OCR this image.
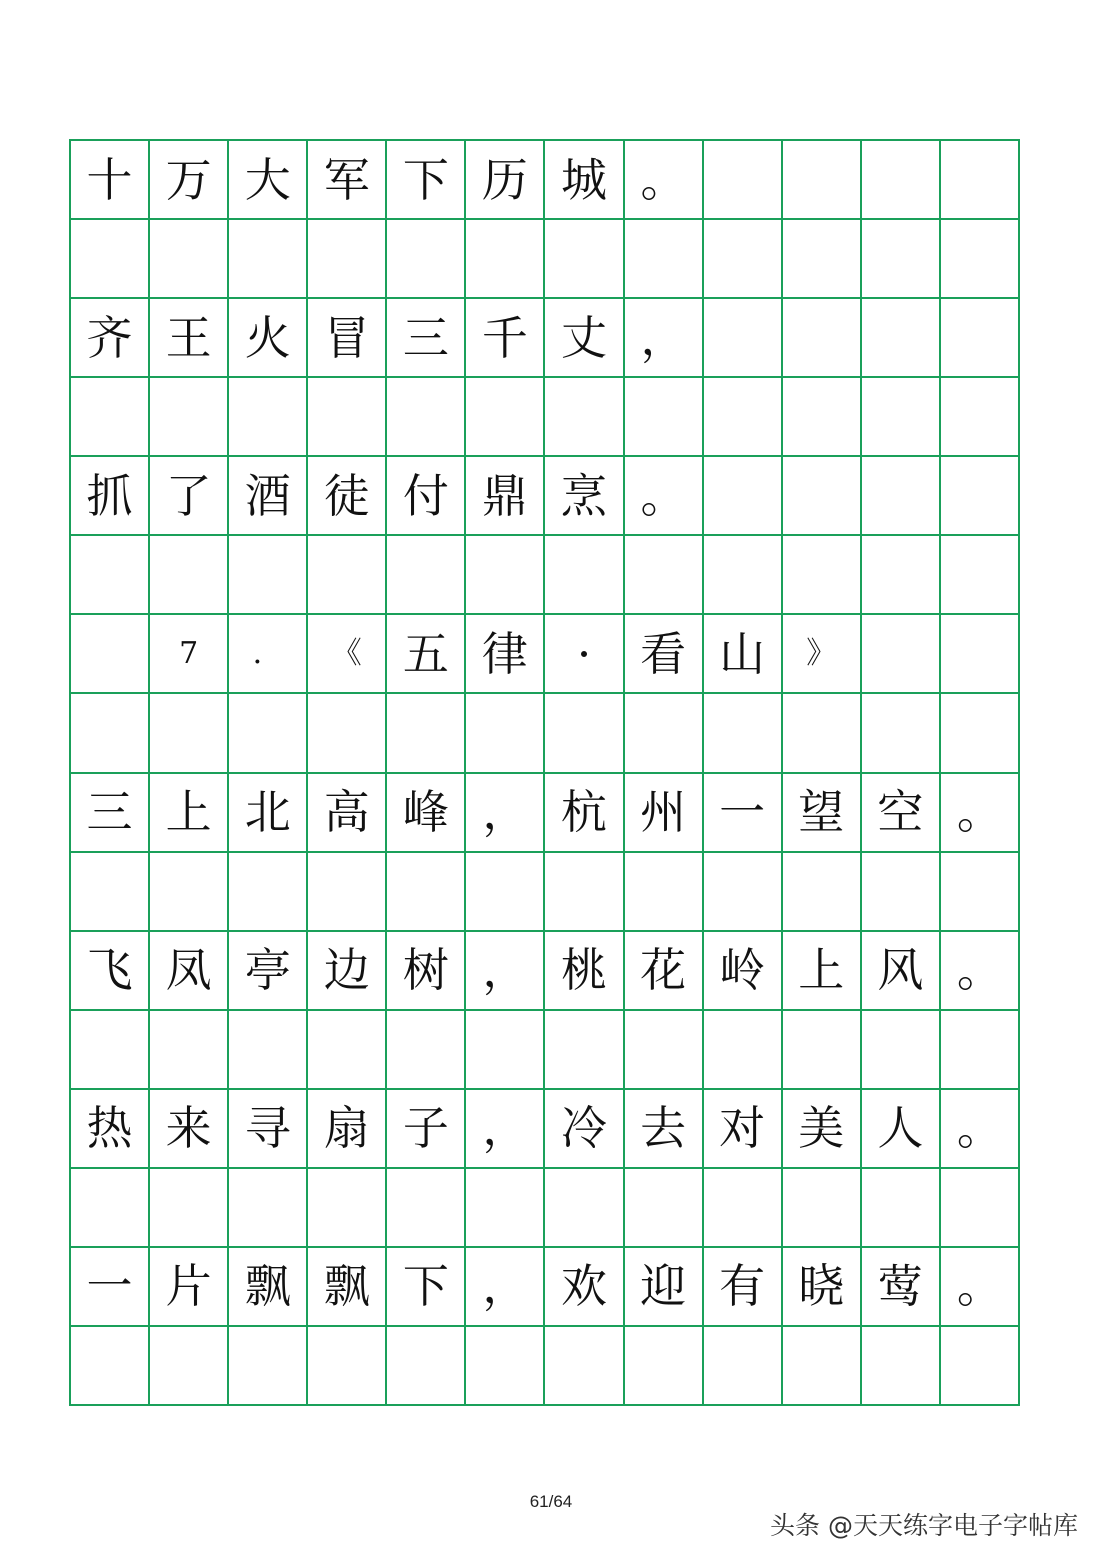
十	万	大	军	下	历	城	。				

齐	王	火	冒	三	千	丈	，				

抓	了	酒	徒	付	鼎	烹	。				

	7	．	《	五	律	·	看	山	》		

三	上	北	高	峰	，	杭	州	一	望	空	。

飞	凤	亭	边	树	，	桃	花	岭	上	风	。

热	来	寻	扇	子	，	冷	去	对	美	人	。

一	片	飘	飘	下	，	欢	迎	有	晓	莺	。

61/64
头条 @天天练字电子字帖库
